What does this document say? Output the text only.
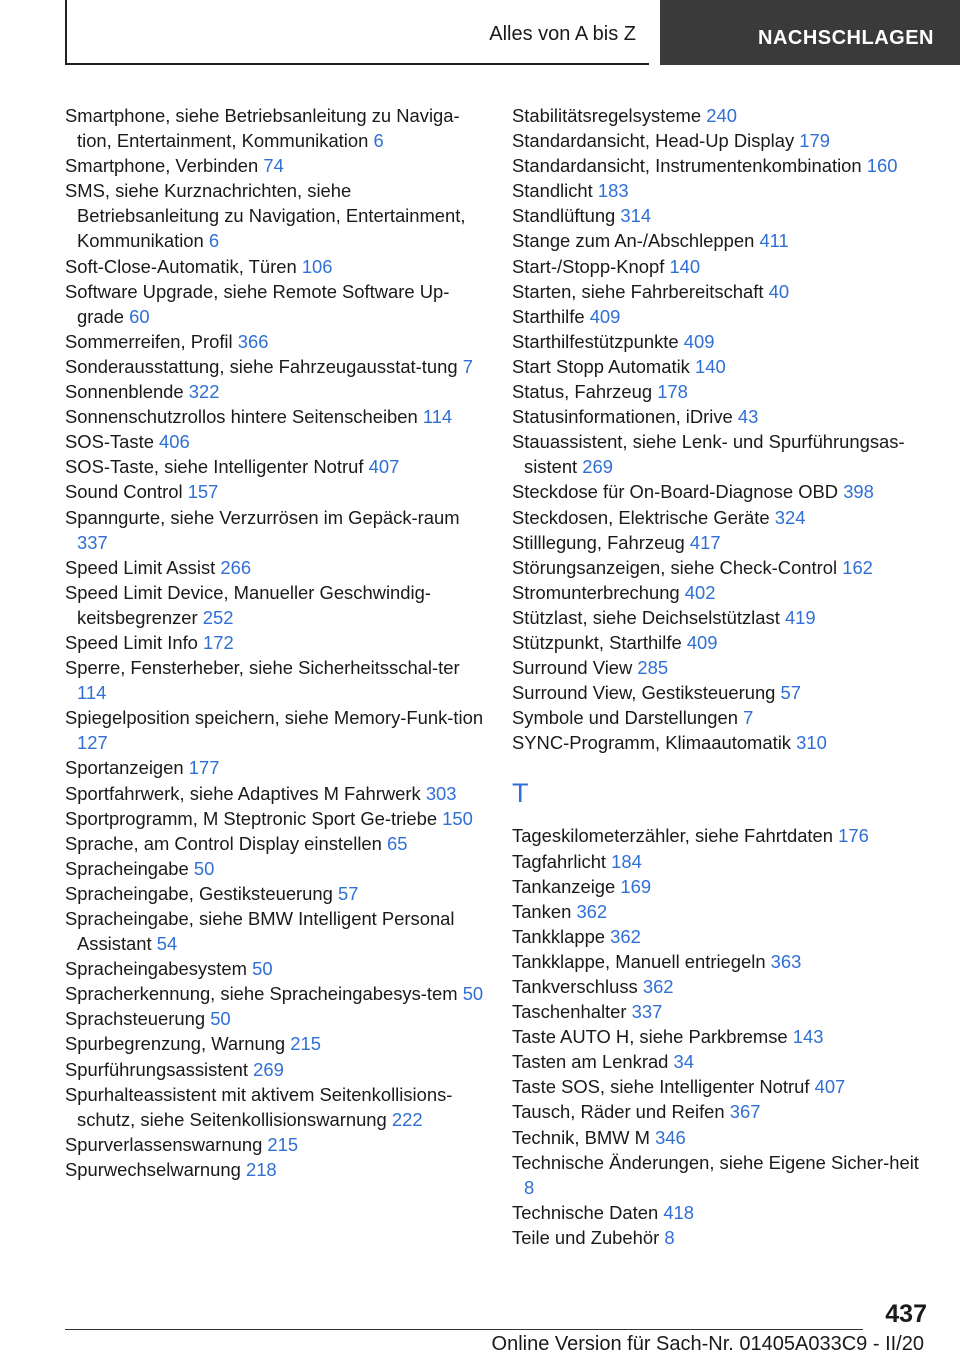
Alles von A bis Z	NACHSCHLAGEN
Smartphone, siehe Betriebsanleitung zu Naviga-tion, Entertainment, Kommunikation 6
Smartphone, Verbinden 74
SMS, siehe Kurznachrichten, siehe Betriebsanleitung zu Navigation, Entertainment, Kommunikation 6
Soft-Close-Automatik, Türen 106
Software Upgrade, siehe Remote Software Up-grade 60
Sommerreifen, Profil 366
Sonderausstattung, siehe Fahrzeugausstat-tung 7
Sonnenblende 322
Sonnenschutzrollos hintere Seitenscheiben 114
SOS-Taste 406
SOS-Taste, siehe Intelligenter Notruf 407
Sound Control 157
Spanngurte, siehe Verzurrösen im Gepäck-raum 337
Speed Limit Assist 266
Speed Limit Device, Manueller Geschwindig-keitsbegrenzer 252
Speed Limit Info 172
Sperre, Fensterheber, siehe Sicherheitsschal-ter 114
Spiegelposition speichern, siehe Memory-Funk-tion 127
Sportanzeigen 177
Sportfahrwerk, siehe Adaptives M Fahrwerk 303
Sportprogramm, M Steptronic Sport Ge-triebe 150
Sprache, am Control Display einstellen 65
Spracheingabe 50
Spracheingabe, Gestiksteuerung 57
Spracheingabe, siehe BMW Intelligent Personal Assistant 54
Spracheingabesystem 50
Spracherkennung, siehe Spracheingabesys-tem 50
Sprachsteuerung 50
Spurbegrenzung, Warnung 215
Spurführungsassistent 269
Spurhalteassistent mit aktivem Seitenkollisions-schutz, siehe Seitenkollisionswarnung 222
Spurverlassenswarnung 215
Spurwechselwarnung 218
Stabilitätsregelsysteme 240
Standardansicht, Head-Up Display 179
Standardansicht, Instrumentenkombination 160
Standlicht 183
Standlüftung 314
Stange zum An-/Abschleppen 411
Start-/Stopp-Knopf 140
Starten, siehe Fahrbereitschaft 40
Starthilfe 409
Starthilfestützpunkte 409
Start Stopp Automatik 140
Status, Fahrzeug 178
Statusinformationen, iDrive 43
Stauassistent, siehe Lenk- und Spurführungsas-sistent 269
Steckdose für On-Board-Diagnose OBD 398
Steckdosen, Elektrische Geräte 324
Stilllegung, Fahrzeug 417
Störungsanzeigen, siehe Check-Control 162
Stromunterbrechung 402
Stützlast, siehe Deichselstützlast 419
Stützpunkt, Starthilfe 409
Surround View 285
Surround View, Gestiksteuerung 57
Symbole und Darstellungen 7
SYNC-Programm, Klimaautomatik 310
T
Tageskilometerzähler, siehe Fahrtdaten 176
Tagfahrlicht 184
Tankanzeige 169
Tanken 362
Tankklappe 362
Tankklappe, Manuell entriegeln 363
Tankverschluss 362
Taschenhalter 337
Taste AUTO H, siehe Parkbremse 143
Tasten am Lenkrad 34
Taste SOS, siehe Intelligenter Notruf 407
Tausch, Räder und Reifen 367
Technik, BMW M 346
Technische Änderungen, siehe Eigene Sicher-heit 8
Technische Daten 418
Teile und Zubehör 8
437
Online Version für Sach-Nr. 01405A033C9 - II/20
